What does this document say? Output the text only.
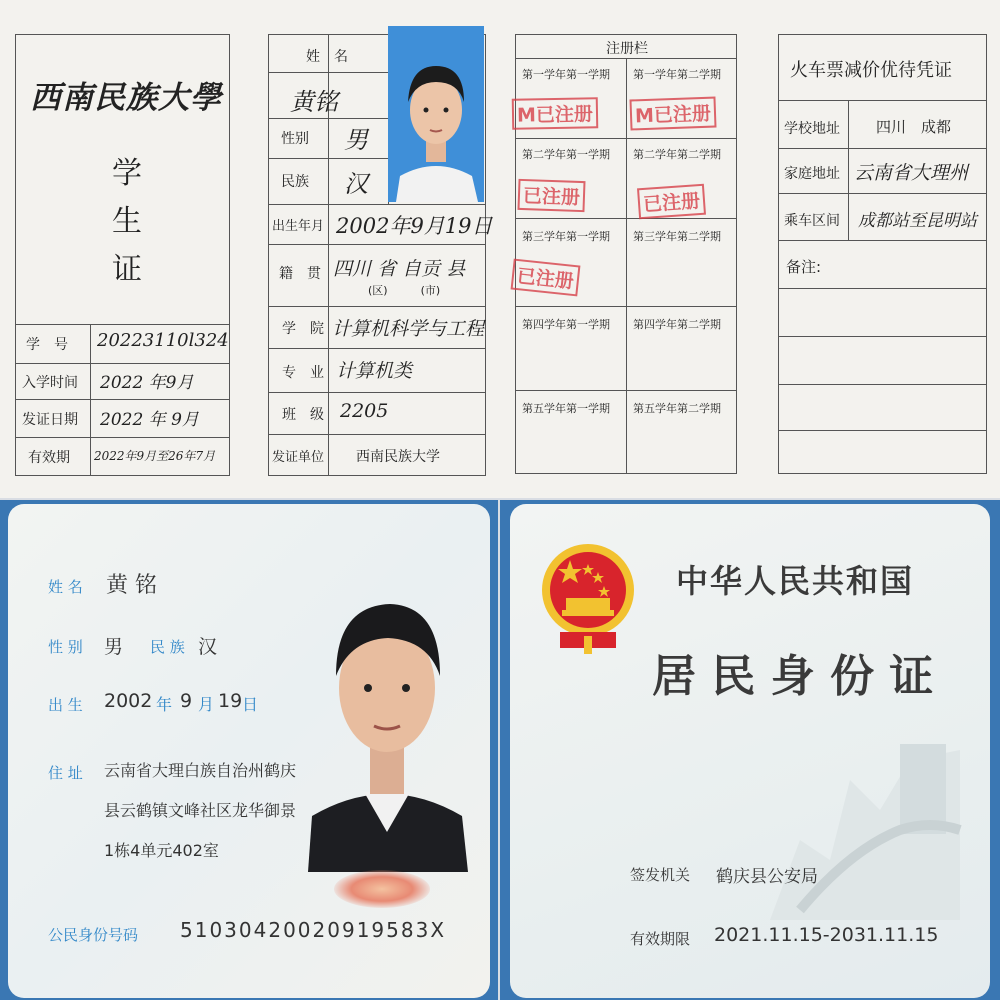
西南民族大學
学
生
证
学　号 20223110l324
入学时间 2022 年9月
发证日期 2022 年 9月
有效期 2022年9月至26年7月
姓　名
黄铭
性别 男
民族 汉
出生年月 2002年9月19日
籍　贯 四川 省 自贡 县
(区)　　　(市)
学　院 计算机科学与工程
专　业 计算机类
班　级 2205
发证单位 西南民族大学
注册栏
第一学年第一学期 第一学年第二学期
第二学年第一学期 第二学年第二学期
第三学年第一学期 第三学年第二学期
第四学年第一学期 第四学年第二学期
第五学年第一学期 第五学年第二学期
M已注册 M已注册
已注册	已注册
已注册
火车票减价优待凭证
学校地址 四川　成都
家庭地址 云南省大理州
乘车区间 成都站至昆明站
备注:
姓 名 黄 铭
性 别 男 民 族 汉
出 生 2002 年 9 月 19 日
住 址 云南省大理白族自治州鹤庆
县云鹤镇文峰社区龙华御景
1栋4单元402室
公民身份号码 51030420020919583X
中华人民共和国
居 民 身 份 证
签发机关 鹤庆县公安局
有效期限 2021.11.15-2031.11.15
